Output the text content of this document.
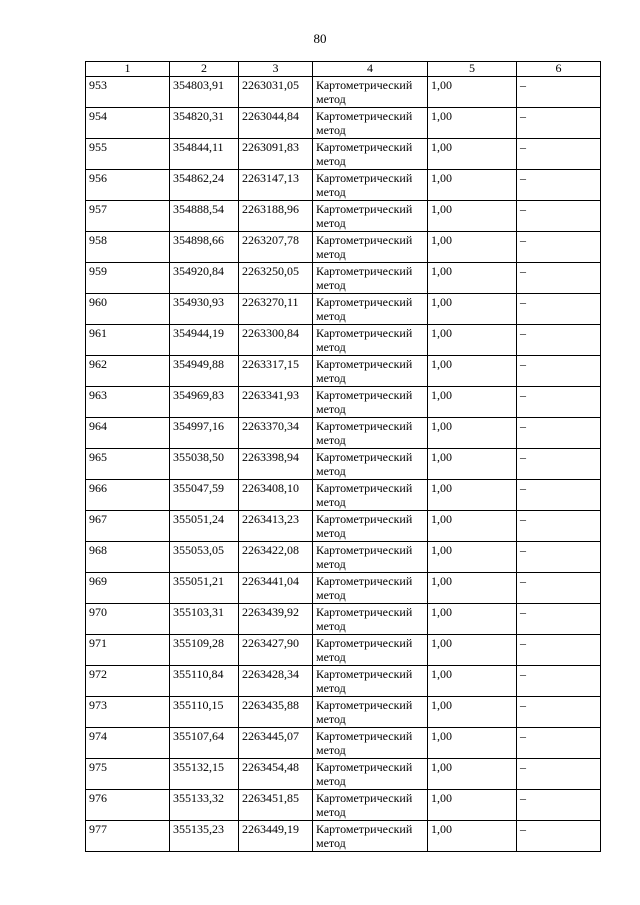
80
1	2	3	4	5	6
953	354803,91	2263031,05	Картометрический метод	1,00	–
954	354820,31	2263044,84	Картометрический метод	1,00	–
955	354844,11	2263091,83	Картометрический метод	1,00	–
956	354862,24	2263147,13	Картометрический метод	1,00	–
957	354888,54	2263188,96	Картометрический метод	1,00	–
958	354898,66	2263207,78	Картометрический метод	1,00	–
959	354920,84	2263250,05	Картометрический метод	1,00	–
960	354930,93	2263270,11	Картометрический метод	1,00	–
961	354944,19	2263300,84	Картометрический метод	1,00	–
962	354949,88	2263317,15	Картометрический метод	1,00	–
963	354969,83	2263341,93	Картометрический метод	1,00	–
964	354997,16	2263370,34	Картометрический метод	1,00	–
965	355038,50	2263398,94	Картометрический метод	1,00	–
966	355047,59	2263408,10	Картометрический метод	1,00	–
967	355051,24	2263413,23	Картометрический метод	1,00	–
968	355053,05	2263422,08	Картометрический метод	1,00	–
969	355051,21	2263441,04	Картометрический метод	1,00	–
970	355103,31	2263439,92	Картометрический метод	1,00	–
971	355109,28	2263427,90	Картометрический метод	1,00	–
972	355110,84	2263428,34	Картометрический метод	1,00	–
973	355110,15	2263435,88	Картометрический метод	1,00	–
974	355107,64	2263445,07	Картометрический метод	1,00	–
975	355132,15	2263454,48	Картометрический метод	1,00	–
976	355133,32	2263451,85	Картометрический метод	1,00	–
977	355135,23	2263449,19	Картометрический метод	1,00	–
